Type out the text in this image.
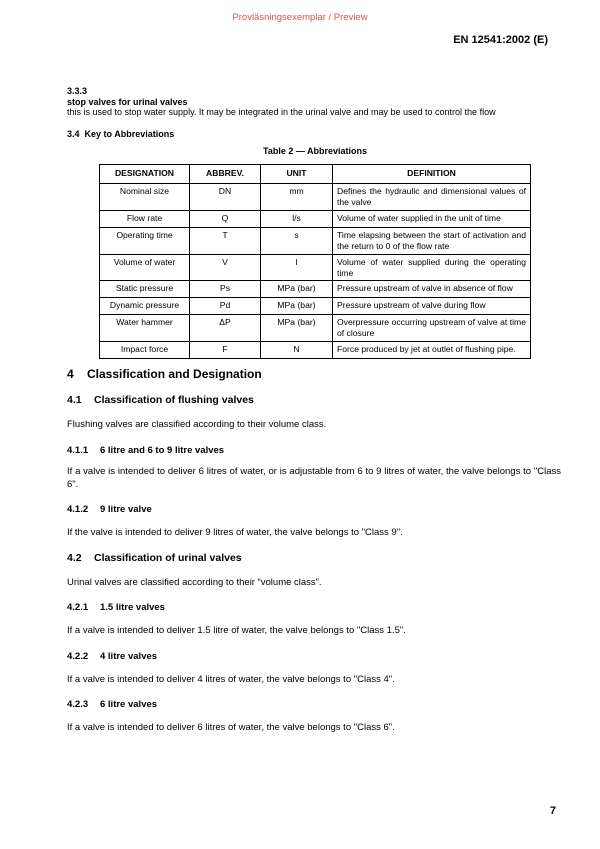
Provläsningsexemplar / Preview
EN 12541:2002 (E)
3.3.3
stop valves for urinal valves
this is used to stop water supply. It may be integrated in the urinal valve and may be used to control the flow
3.4 Key to Abbreviations
Table 2 — Abbreviations
DESIGNATION	ABBREV.	UNIT	DEFINITION
Nominal size	DN	mm	Defines the hydraulic and dimensional values of the valve
Flow rate	Q	l/s	Volume of water supplied in the unit of time
Operating time	T	s	Time elapsing between the start of activation and the return to 0 of the flow rate
Volume of water	V	l	Volume of water supplied during the operating time
Static pressure	Ps	MPa (bar)	Pressure upstream of valve in absence of flow
Dynamic pressure	Pd	MPa (bar)	Pressure upstream of valve during flow
Water hammer	ΔP	MPa (bar)	Overpressure occurring upstream of valve at time of closure
Impact force	F	N	Force produced by jet at outlet of flushing pipe.
4 Classification and Designation
4.1 Classification of flushing valves
Flushing valves are classified according to their volume class.
4.1.1 6 litre and 6 to 9 litre valves
If a valve is intended to deliver 6 litres of water, or is adjustable from 6 to 9 litres of water, the valve belongs to "Class 6".
4.1.2 9 litre valve
If the valve is intended to deliver 9 litres of water, the valve belongs to "Class 9".
4.2 Classification of urinal valves
Urinal valves are classified according to their “volume class”.
4.2.1 1.5 litre valves
If a valve is intended to deliver 1.5 litre of water, the valve belongs to "Class 1.5".
4.2.2 4 litre valves
If a valve is intended to deliver 4 litres of water, the valve belongs to "Class 4".
4.2.3 6 litre valves
If a valve is intended to deliver 6 litres of water, the valve belongs to "Class 6".
7
